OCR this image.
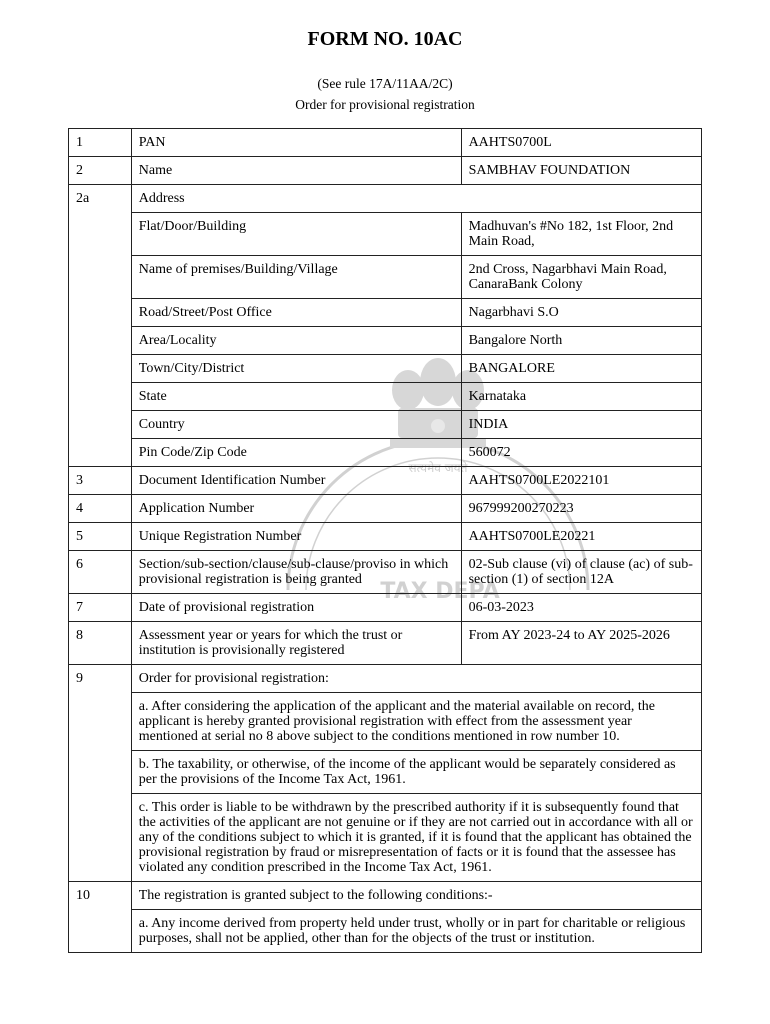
FORM NO. 10AC
(See rule 17A/11AA/2C)
Order for provisional registration
सत्यमेव जयते
TAX DEPA
1	PAN	AAHTS0700L
2	Name	SAMBHAV FOUNDATION
2a	Address	
	Flat/Door/Building	Madhuvan's #No 182, 1st Floor, 2nd Main Road,
	Name of premises/Building/Village	2nd Cross, Nagarbhavi Main Road, CanaraBank Colony
	Road/Street/Post Office	Nagarbhavi S.O
	Area/Locality	Bangalore North
	Town/City/District	BANGALORE
	State	Karnataka
	Country	INDIA
	Pin Code/Zip Code	560072
3	Document Identification Number	AAHTS0700LE2022101
4	Application Number	967999200270223
5	Unique Registration Number	AAHTS0700LE20221
6	Section/sub-section/clause/sub-clause/proviso in which provisional registration is being granted	02-Sub clause (vi) of clause (ac) of sub-section (1) of section 12A
7	Date of provisional registration	06-03-2023
8	Assessment year or years for which the trust or institution is provisionally registered	From AY 2023-24 to AY 2025-2026
9	Order for provisional registration:	
	a. After considering the application of the applicant and the material available on record, the applicant is hereby granted provisional registration with effect from the assessment year mentioned at serial no 8 above subject to the conditions mentioned in row number 10.	
	b. The taxability, or otherwise, of the income of the applicant would be separately considered as per the provisions of the Income Tax Act, 1961.	
	c. This order is liable to be withdrawn by the prescribed authority if it is subsequently found that the activities of the applicant are not genuine or if they are not carried out in accordance with all or any of the conditions subject to which it is granted, if it is found that the applicant has obtained the provisional registration by fraud or misrepresentation of facts or it is found that the assessee has violated any condition prescribed in the Income Tax Act, 1961.	
10	The registration is granted subject to the following conditions:-	
	a. Any income derived from property held under trust, wholly or in part for charitable or religious purposes, shall not be applied, other than for the objects of the trust or institution.	
